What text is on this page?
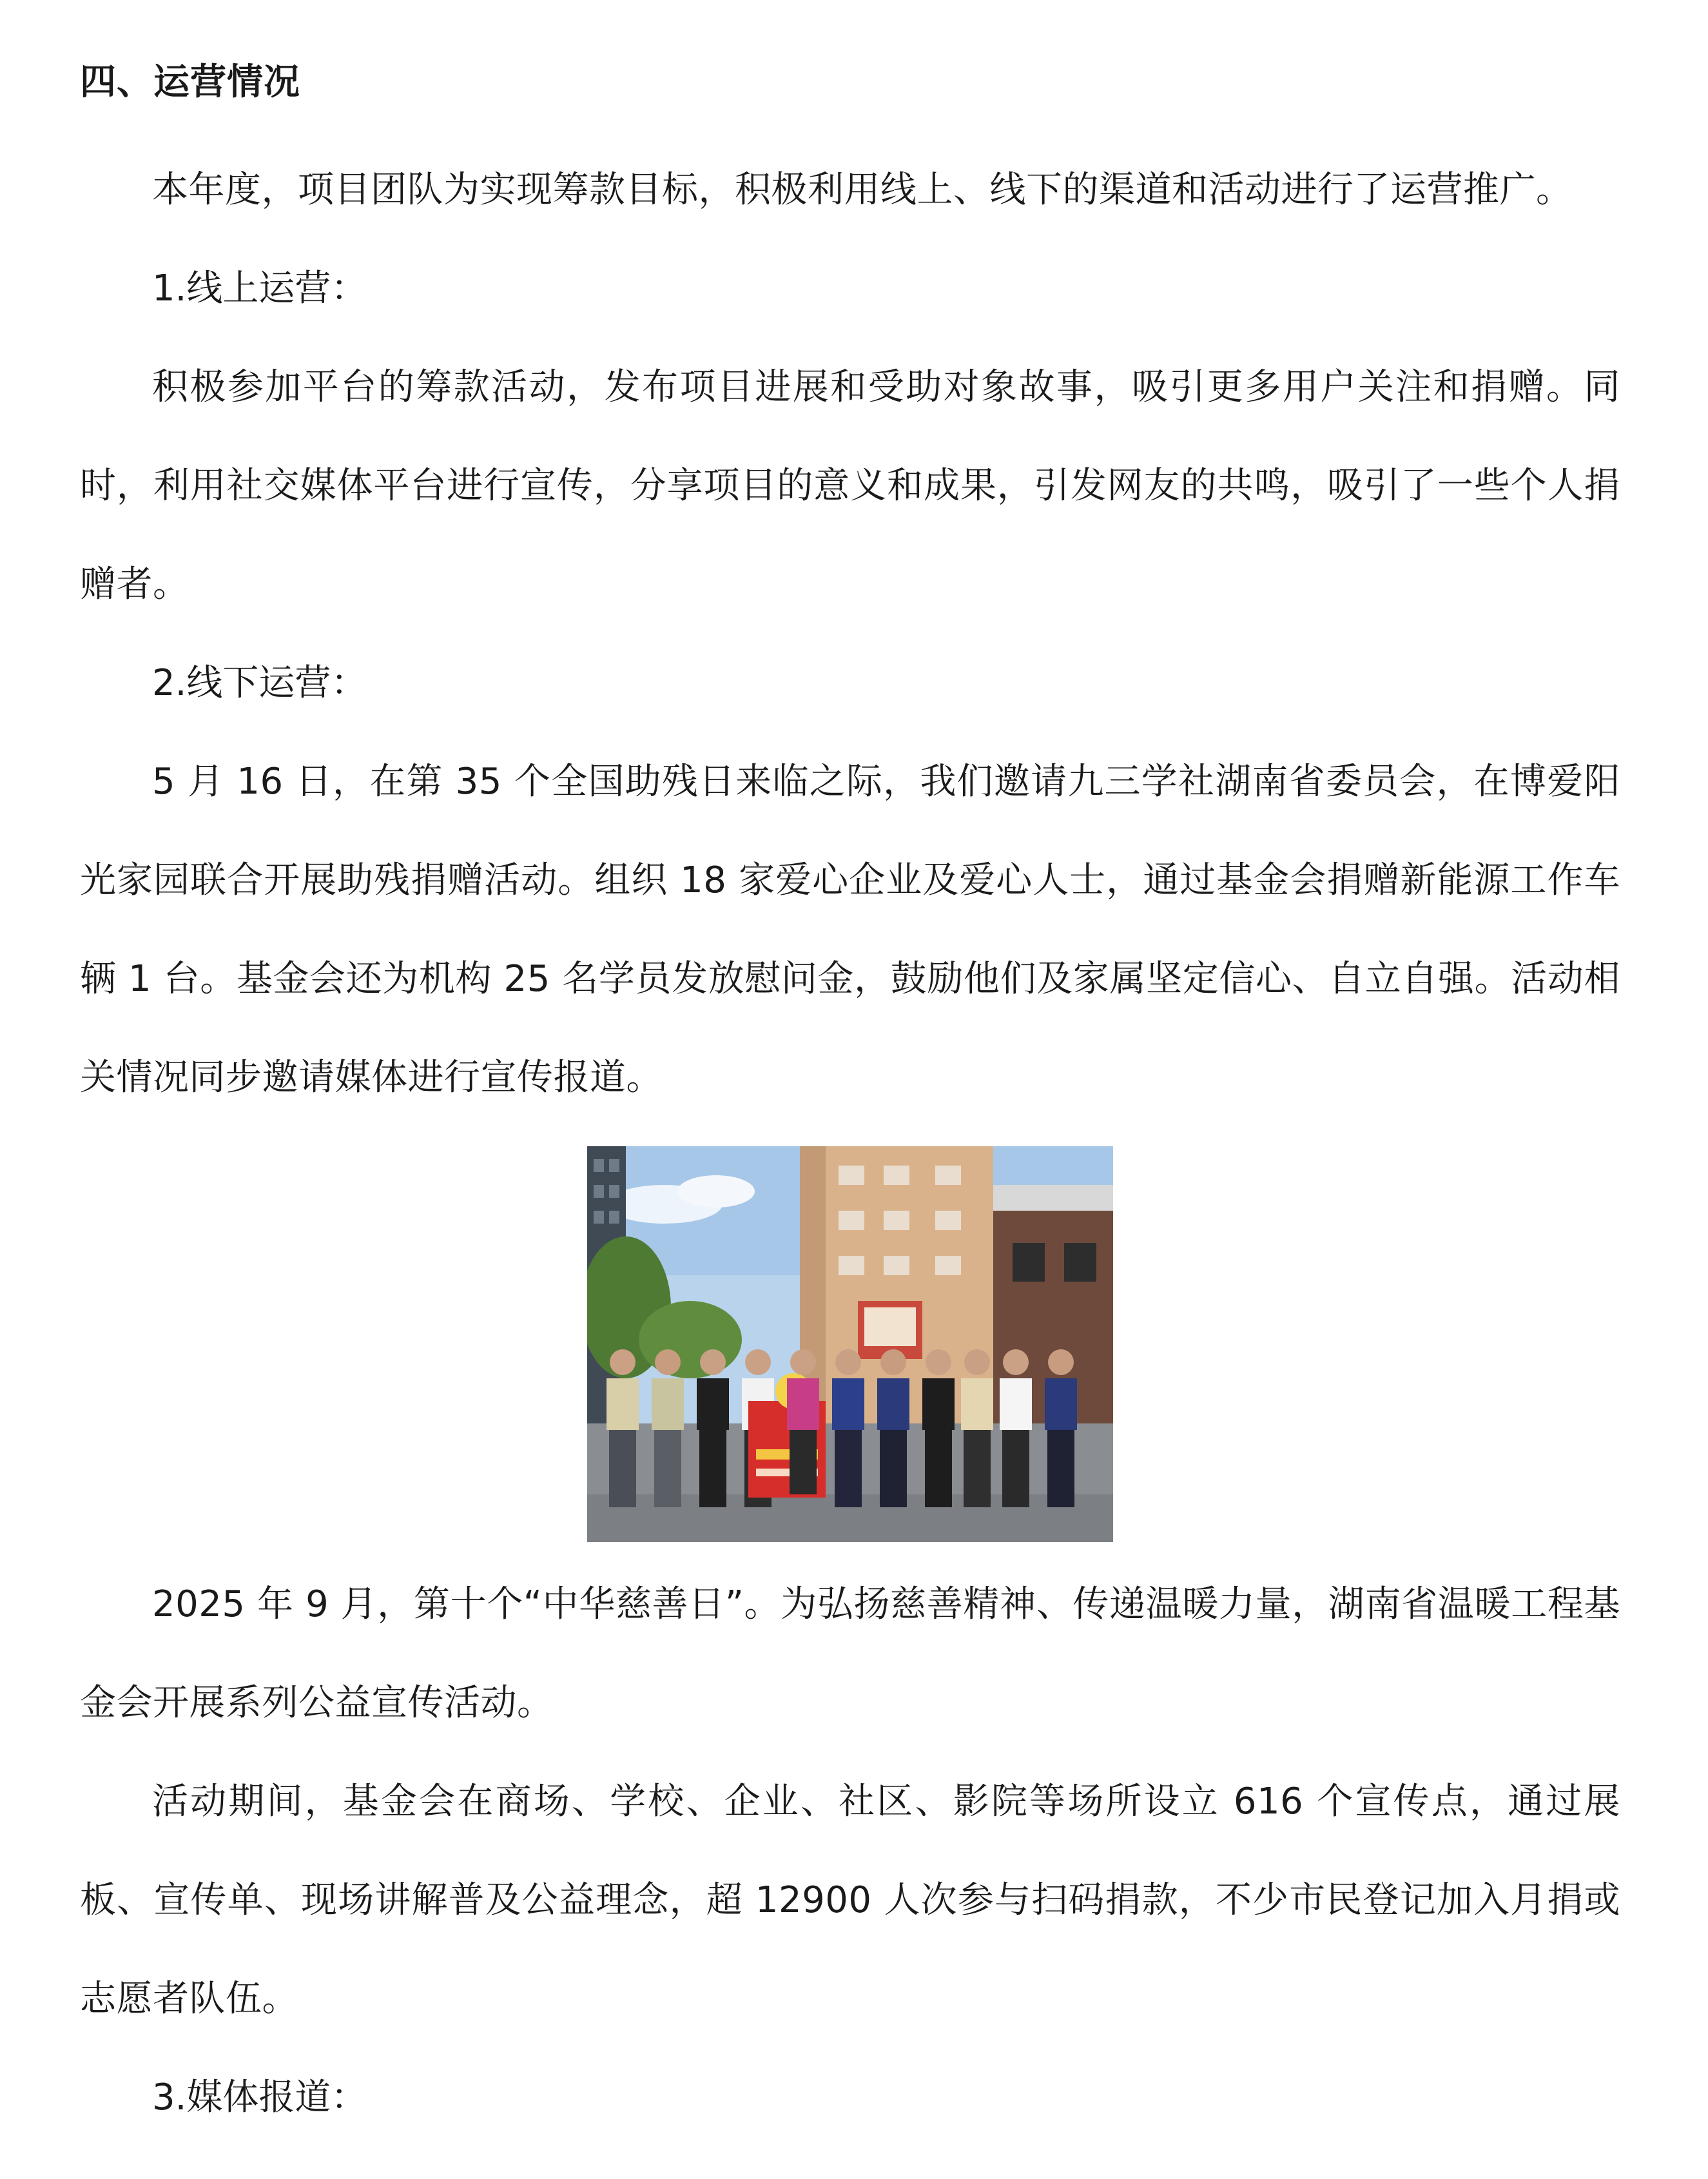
四、运营情况

本年度，项目团队为实现筹款目标，积极利用线上、线下的渠道和活动进行了运营推广。

1.线上运营：

积极参加平台的筹款活动，发布项目进展和受助对象故事，吸引更多用户关注和捐赠。同时，利用社交媒体平台进行宣传，分享项目的意义和成果，引发网友的共鸣，吸引了一些个人捐赠者。

2.线下运营：

5 月 16 日，在第 35 个全国助残日来临之际，我们邀请九三学社湖南省委员会，在博爱阳光家园联合开展助残捐赠活动。组织 18 家爱心企业及爱心人士，通过基金会捐赠新能源工作车辆 1 台。基金会还为机构 25 名学员发放慰问金，鼓励他们及家属坚定信心、自立自强。活动相关情况同步邀请媒体进行宣传报道。

2025 年 9 月，第十个“中华慈善日”。为弘扬慈善精神、传递温暖力量，湖南省温暖工程基金会开展系列公益宣传活动。

活动期间，基金会在商场、学校、企业、社区、影院等场所设立 616 个宣传点，通过展板、宣传单、现场讲解普及公益理念，超 12900 人次参与扫码捐款，不少市民登记加入月捐或志愿者队伍。

3.媒体报道：
